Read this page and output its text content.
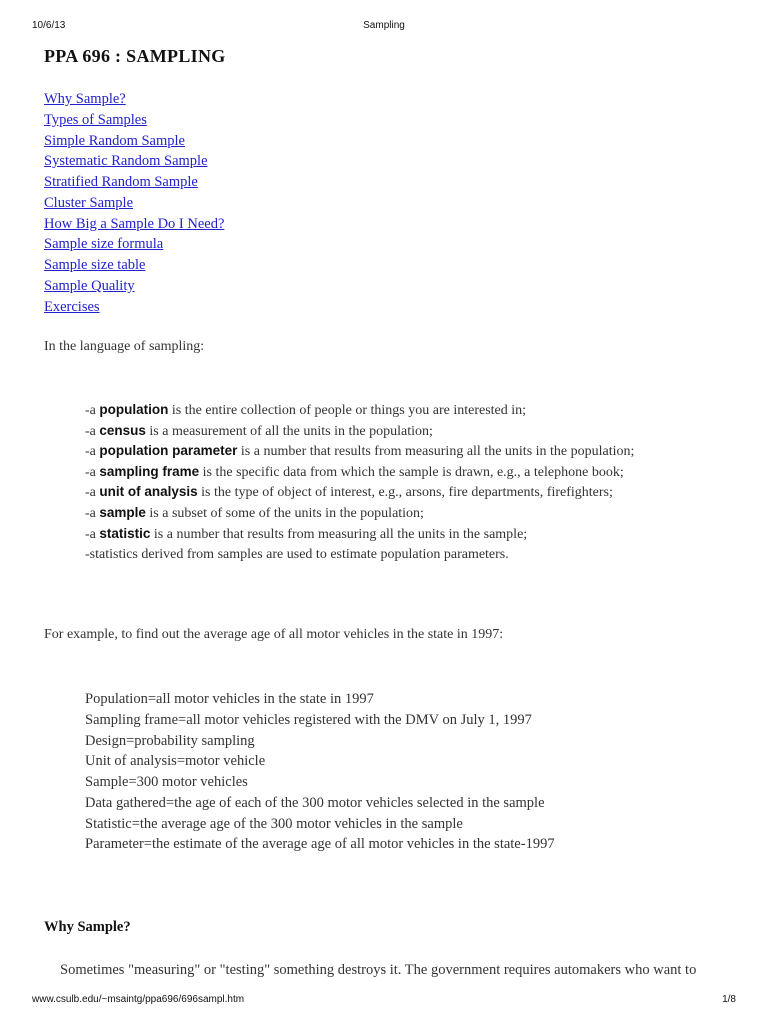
10/6/13	Sampling
PPA 696 : SAMPLING
Why Sample?
Types of Samples
Simple Random Sample
Systematic Random Sample
Stratified Random Sample
Cluster Sample
How Big a Sample Do I Need?
Sample size formula
Sample size table
Sample Quality
Exercises
In the language of sampling:
-a population is the entire collection of people or things you are interested in;
-a census is a measurement of all the units in the population;
-a population parameter is a number that results from measuring all the units in the population;
-a sampling frame is the specific data from which the sample is drawn, e.g., a telephone book;
-a unit of analysis is the type of object of interest, e.g., arsons, fire departments, firefighters;
-a sample is a subset of some of the units in the population;
-a statistic is a number that results from measuring all the units in the sample;
-statistics derived from samples are used to estimate population parameters.
For example, to find out the average age of all motor vehicles in the state in 1997:
Population=all motor vehicles in the state in 1997
Sampling frame=all motor vehicles registered with the DMV on July 1, 1997
Design=probability sampling
Unit of analysis=motor vehicle
Sample=300 motor vehicles
Data gathered=the age of each of the 300 motor vehicles selected in the sample
Statistic=the average age of the 300 motor vehicles in the sample
Parameter=the estimate of the average age of all motor vehicles in the state-1997
Why Sample?
Sometimes "measuring" or "testing" something destroys it. The government requires automakers who want to
www.csulb.edu/~msaintg/ppa696/696sampl.htm	1/8
